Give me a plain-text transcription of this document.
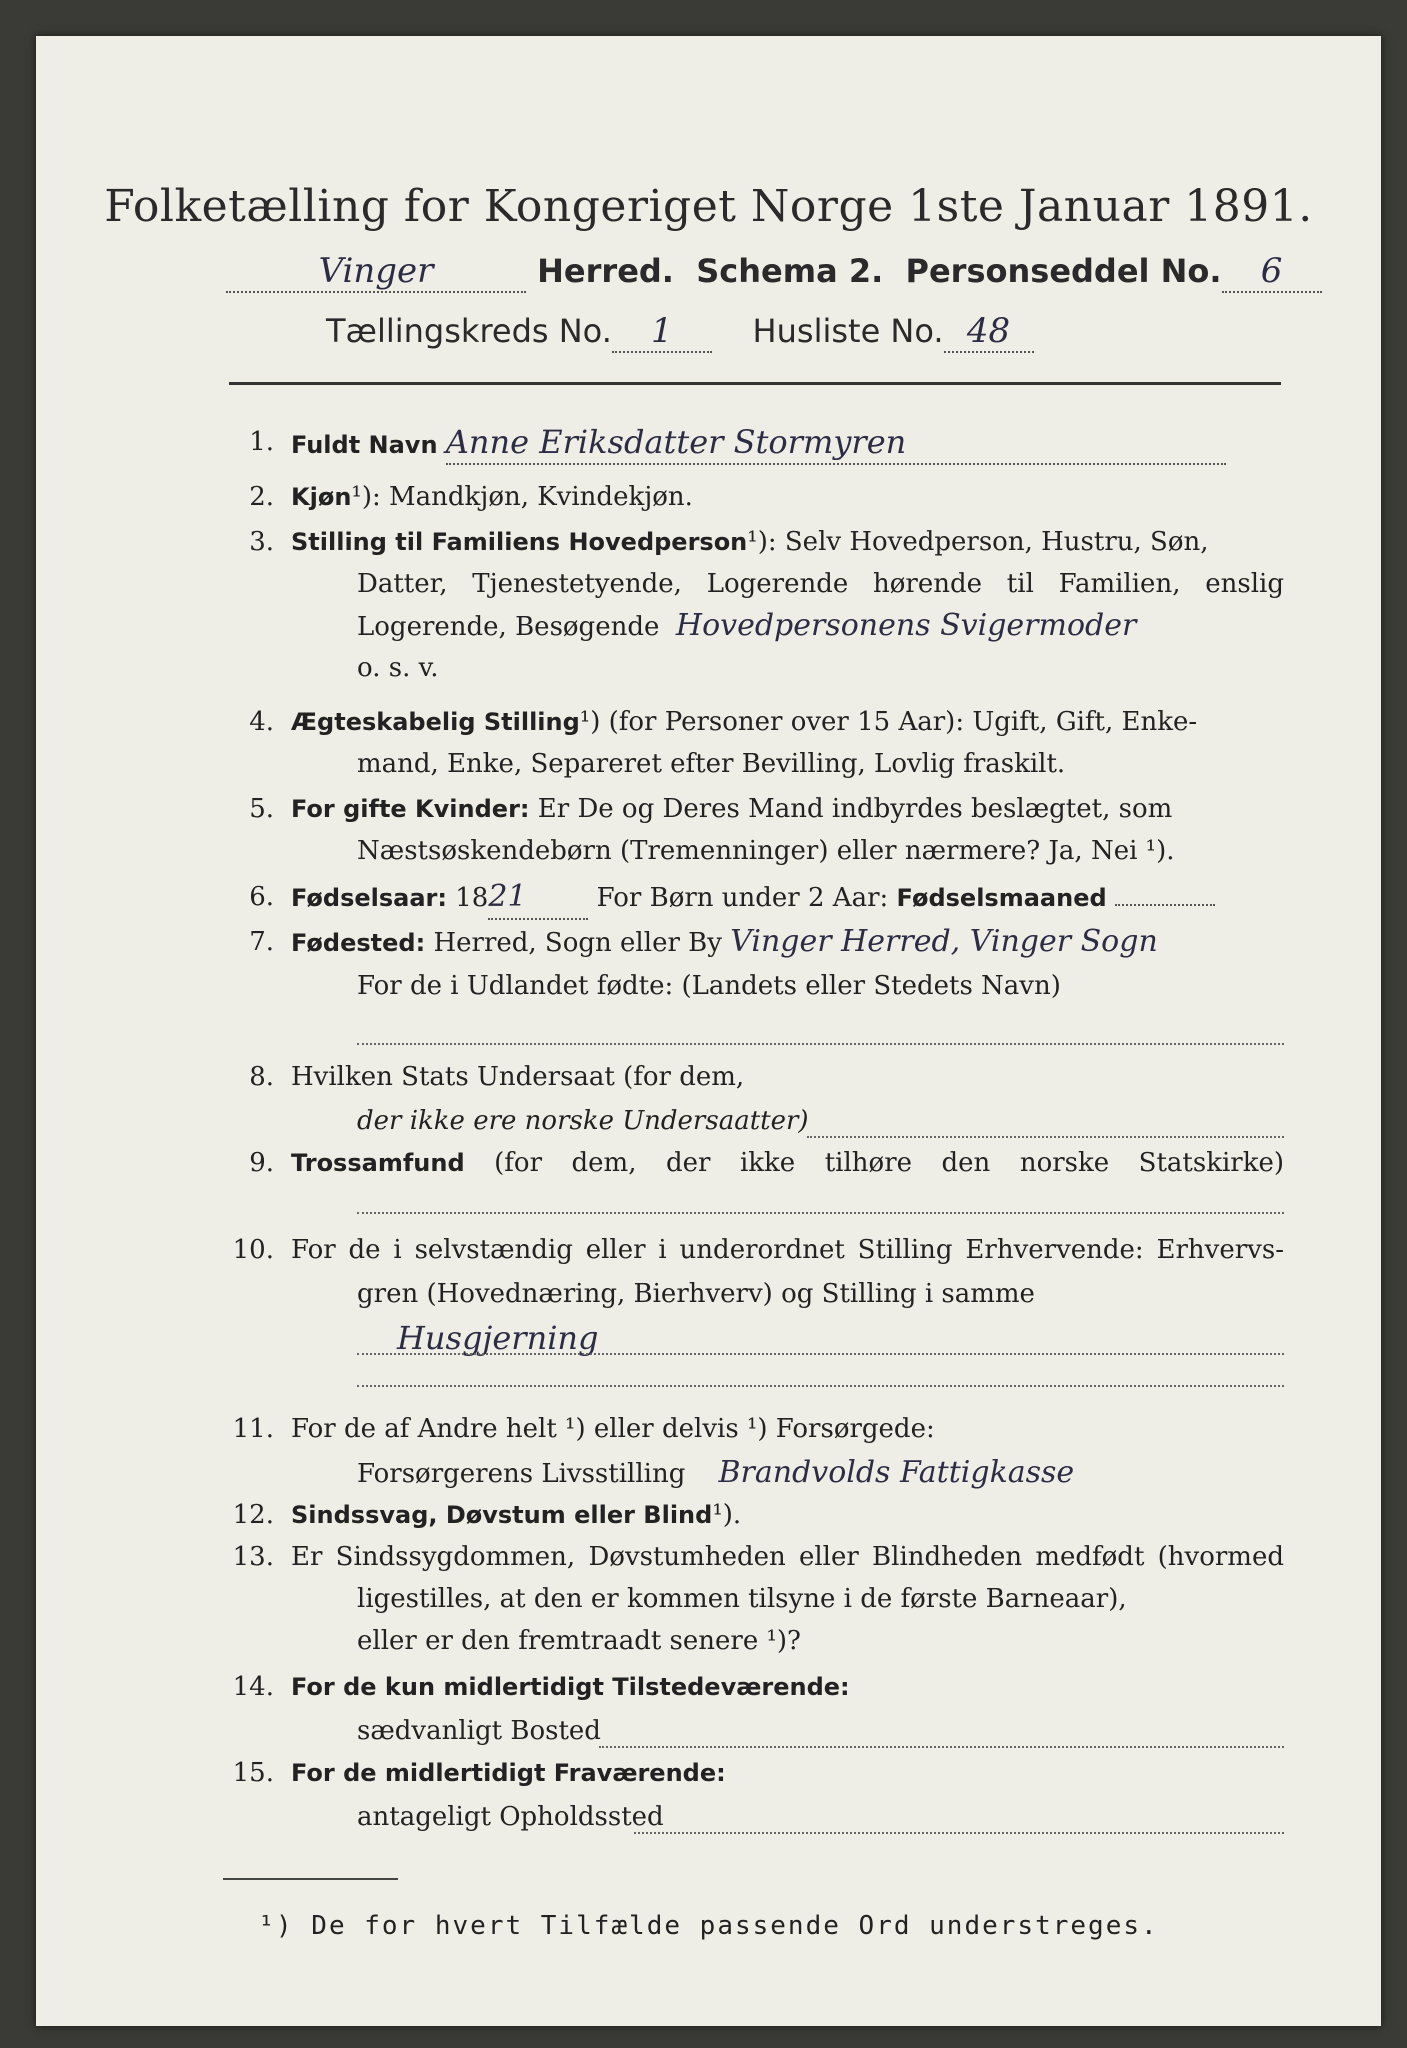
Folketælling for Kongeriget Norge 1ste Januar 1891.
Vinger	Herred. Schema 2. Personseddel No. 6
Tællingskreds No. 1 Husliste No. 48
1. Fuldt Navn Anne Eriksdatter Stormyren
2. Kjøn¹): Mandkjøn, Kvindekjøn.
3. Stilling til Familiens Hovedperson¹): Selv Hovedperson, Hustru, Søn,
Datter, Tjenestetyende, Logerende hørende til Familien, enslig
Logerende, Besøgende Hovedpersonens Svigermoder
o. s. v.
4. Ægteskabelig Stilling¹) (for Personer over 15 Aar): Ugift, Gift, Enke-
mand, Enke, Separeret efter Bevilling, Lovlig fraskilt.
5. For gifte Kvinder: Er De og Deres Mand indbyrdes beslægtet, som
Næstsøskendebørn (Tremenninger) eller nærmere? Ja, Nei ¹).
6. Fødselsaar: 1821	For Børn under 2 Aar: Fødselsmaaned
7. Fødested: Herred, Sogn eller By Vinger Herred, Vinger Sogn
For de i Udlandet fødte: (Landets eller Stedets Navn)
8. Hvilken Stats Undersaat (for dem,
der ikke ere norske Undersaatter)
9. Trossamfund (for dem, der ikke tilhøre den norske Statskirke)
10. For de i selvstændig eller i underordnet Stilling Erhvervende: Erhvervs-
gren (Hovednæring, Bierhverv) og Stilling i samme
Husgjerning
11. For de af Andre helt ¹) eller delvis ¹) Forsørgede:
Forsørgerens Livsstilling Brandvolds Fattigkasse
12. Sindssvag, Døvstum eller Blind¹).
13. Er Sindssygdommen, Døvstumheden eller Blindheden medfødt (hvormed
ligestilles, at den er kommen tilsyne i de første Barneaar),
eller er den fremtraadt senere ¹)?
14. For de kun midlertidigt Tilstedeværende:
sædvanligt Bosted
15. For de midlertidigt Fraværende:
antageligt Opholdssted
¹) De for hvert Tilfælde passende Ord understreges.
